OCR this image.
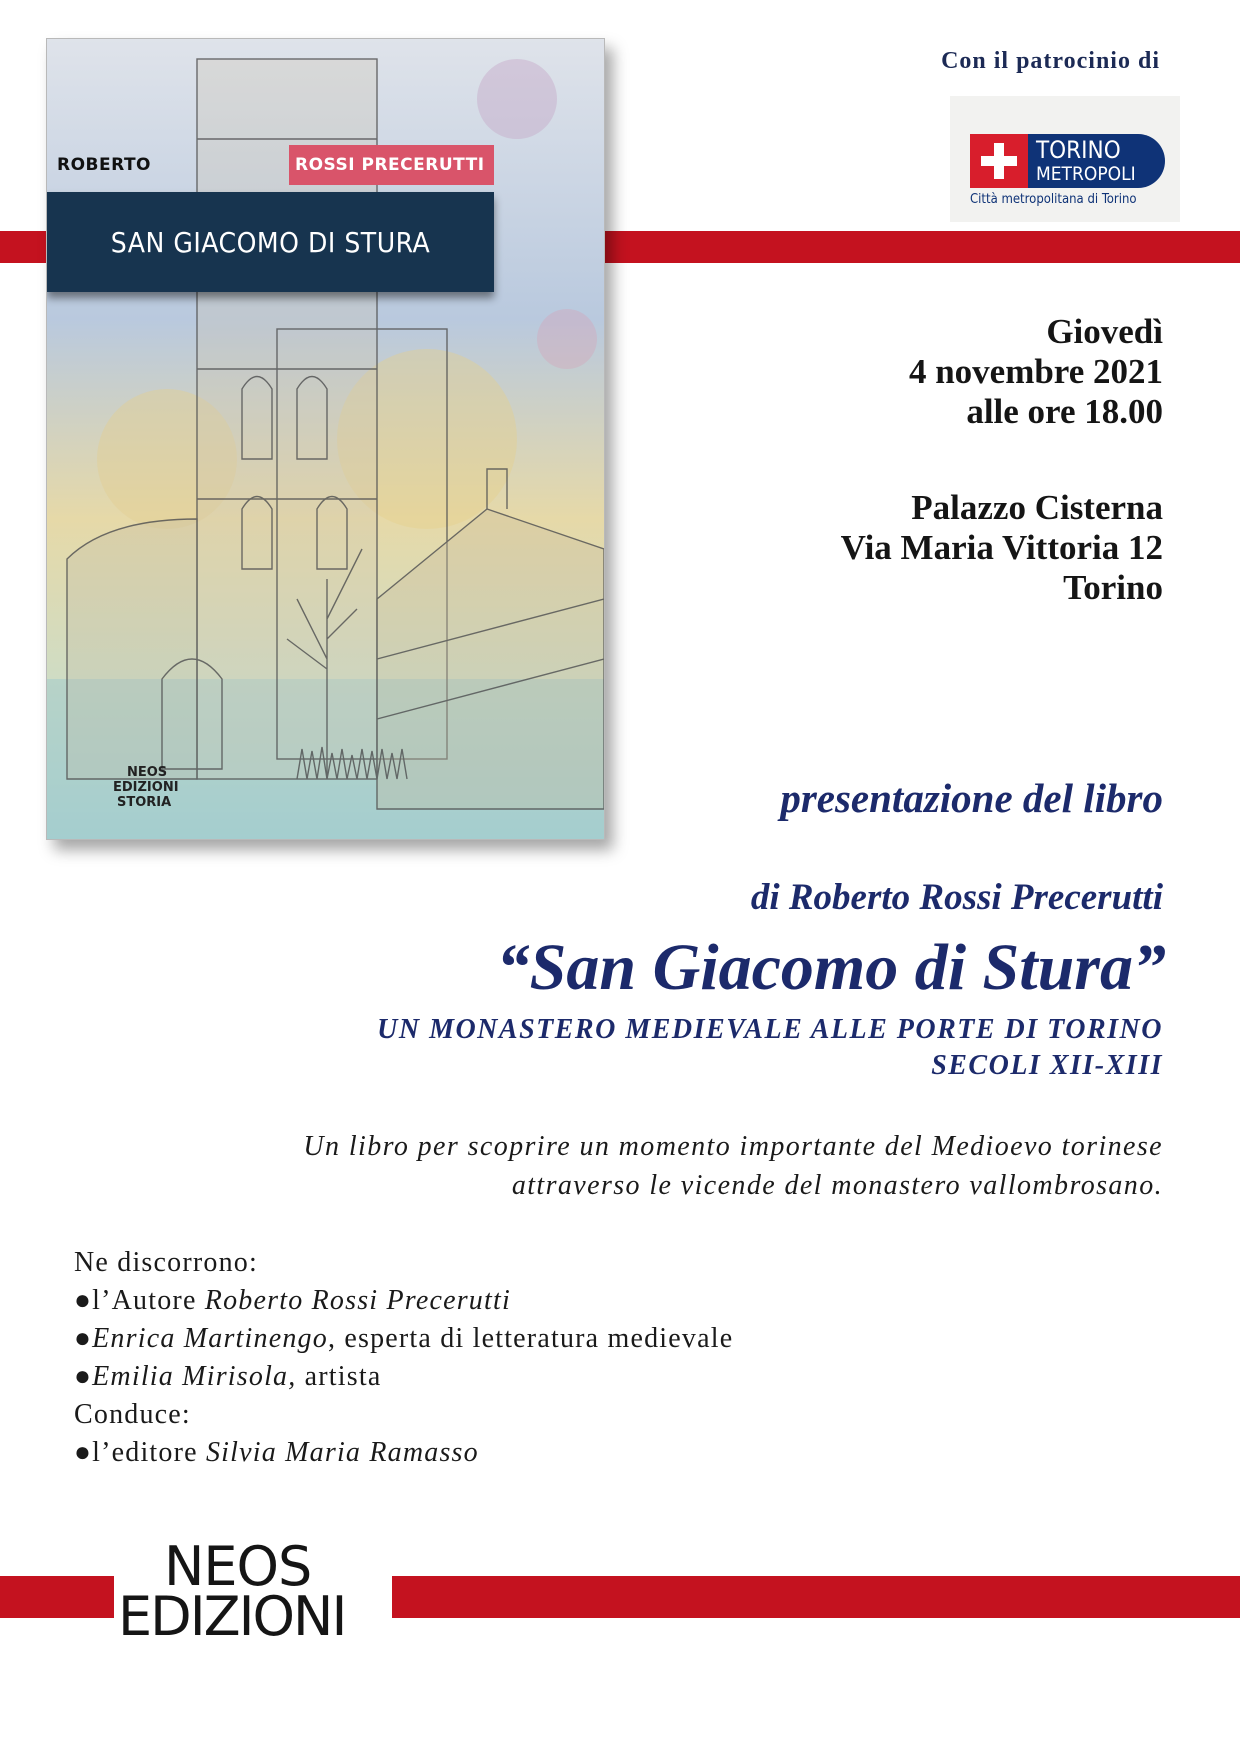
ROBERTO	ROSSI PRECERUTTI
SAN GIACOMO DI STURA
NEOS
EDIZIONI
STORIA
Con il patrocinio di
TORINO
METROPOLI
Città metropolitana di Torino
Giovedì
4 novembre 2021
alle ore 18.00
Palazzo Cisterna
Via Maria Vittoria 12
Torino
presentazione del libro
di Roberto Rossi Precerutti
“San Giacomo di Stura”
UN MONASTERO MEDIEVALE ALLE PORTE DI TORINO
SECOLI XII-XIII
Un libro per scoprire un momento importante del Medioevo torinese
attraverso le vicende del monastero vallombrosano.
Ne discorrono:
●l’Autore Roberto Rossi Precerutti
●Enrica Martinengo, esperta di letteratura medievale
●Emilia Mirisola, artista
Conduce:
●l’editore Silvia Maria Ramasso
NEOS
EDIZIONI
